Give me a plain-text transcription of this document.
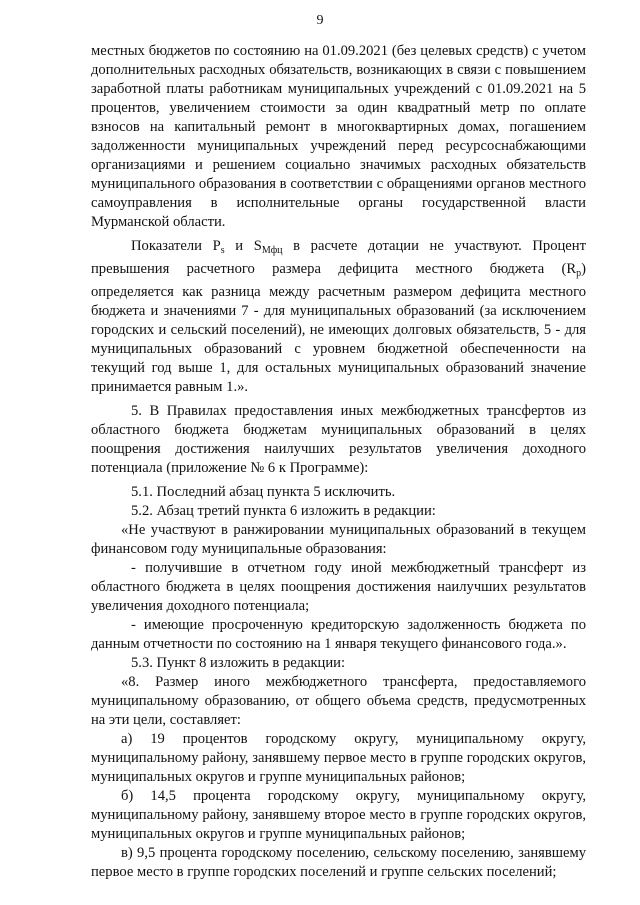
9

местных бюджетов по состоянию на 01.09.2021 (без целевых средств) с учетом дополнительных расходных обязательств, возникающих в связи с повышением заработной платы работникам муниципальных учреждений с 01.09.2021 на 5 процентов, увеличением стоимости за один квадратный метр по оплате взносов на капитальный ремонт в многоквартирных домах, погашением задолженности муниципальных учреждений перед ресурсоснабжающими организациями и решением социально значимых расходных обязательств муниципального образования в соответствии с обращениями органов местного самоуправления в исполнительные органы государственной власти Мурманской области.

Показатели $Р_s$ и $S_{Мфц}$ в расчете дотации не участвуют. Процент превышения расчетного размера дефицита местного бюджета $(R_р)$ определяется как разница между расчетным размером дефицита местного бюджета и значениями 7 - для муниципальных образований (за исключением городских и сельский поселений), не имеющих долговых обязательств, 5 - для муниципальных образований с уровнем бюджетной обеспеченности на текущий год выше 1, для остальных муниципальных образований значение принимается равным 1.».

5. В Правилах предоставления иных межбюджетных трансфертов из областного бюджета бюджетам муниципальных образований в целях поощрения достижения наилучших результатов увеличения доходного потенциала (приложение № 6 к Программе):

5.1. Последний абзац пункта 5 исключить.

5.2. Абзац третий пункта 6 изложить в редакции:

«Не участвуют в ранжировании муниципальных образований в текущем финансовом году муниципальные образования:

- получившие в отчетном году иной межбюджетный трансферт из областного бюджета в целях поощрения достижения наилучших результатов увеличения доходного потенциала;

- имеющие просроченную кредиторскую задолженность бюджета по данным отчетности по состоянию на 1 января текущего финансового года.».

5.3. Пункт 8 изложить в редакции:

«8. Размер иного межбюджетного трансферта, предоставляемого муниципальному образованию, от общего объема средств, предусмотренных на эти цели, составляет:

а) 19 процентов городскому округу, муниципальному округу, муниципальному району, занявшему первое место в группе городских округов, муниципальных округов и группе муниципальных районов;

б) 14,5 процента городскому округу, муниципальному округу, муниципальному району, занявшему второе место в группе городских округов, муниципальных округов и группе муниципальных районов;

в) 9,5 процента городскому поселению, сельскому поселению, занявшему первое место в группе городских поселений и группе сельских поселений;
